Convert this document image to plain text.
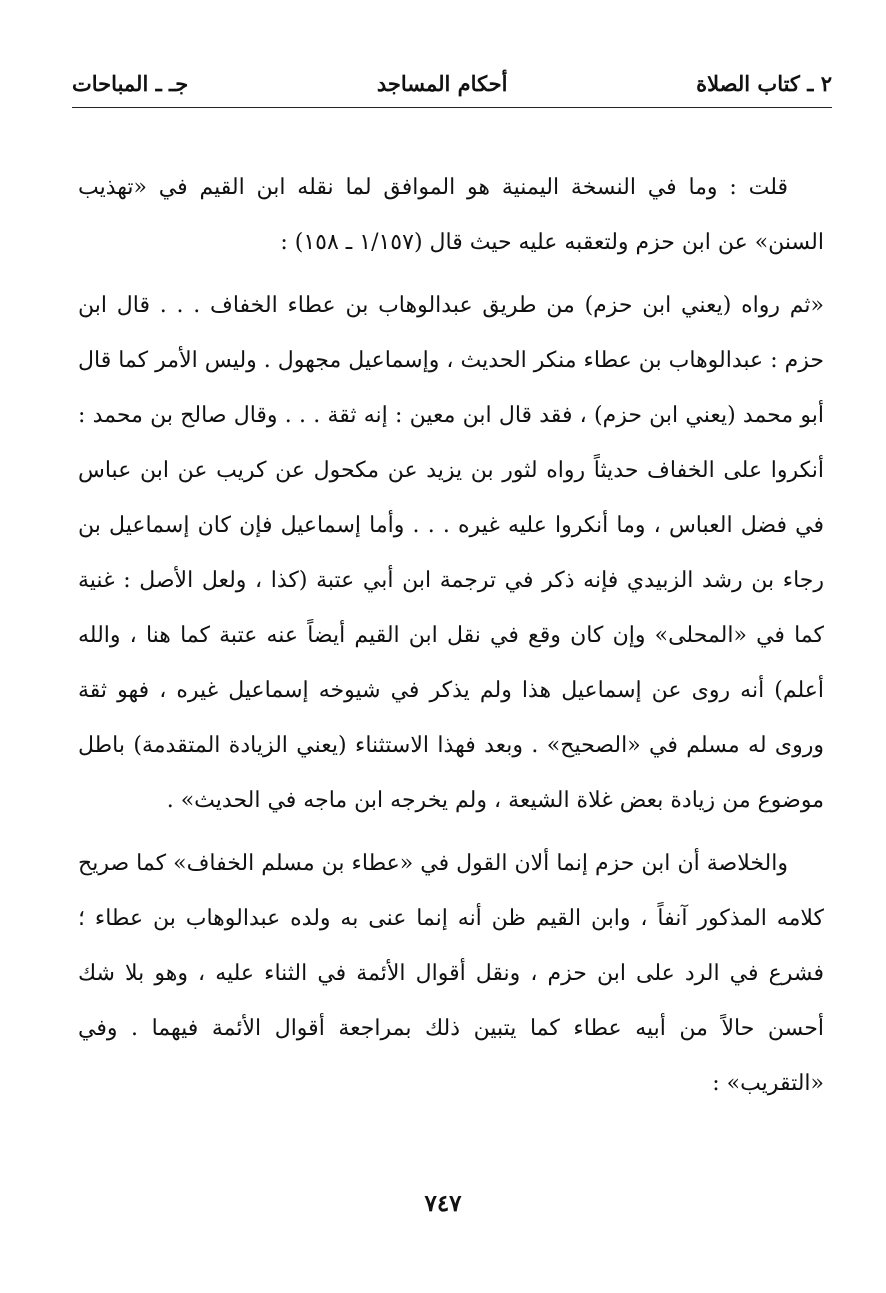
٢ ـ كتاب الصلاة
أحكام المساجد
جـ ـ المباحات

قلت : وما في النسخة اليمنية هو الموافق لما نقله ابن القيم في «تهذيب السنن» عن ابن حزم ولتعقبه عليه حيث قال (١/١٥٧ ـ ١٥٨) :

«ثم رواه (يعني ابن حزم) من طريق عبدالوهاب بن عطاء الخفاف . . . قال ابن حزم : عبدالوهاب بن عطاء منكر الحديث ، وإسماعيل مجهول . وليس الأمر كما قال أبو محمد (يعني ابن حزم) ، فقد قال ابن معين : إنه ثقة . . . وقال صالح بن محمد : أنكروا على الخفاف حديثاً رواه لثور بن يزيد عن مكحول عن كريب عن ابن عباس في فضل العباس ، وما أنكروا عليه غيره . . . وأما إسماعيل فإن كان إسماعيل بن رجاء بن رشد الزبيدي فإنه ذكر في ترجمة ابن أبي عتبة (كذا ، ولعل الأصل : غنية كما في «المحلى» وإن كان وقع في نقل ابن القيم أيضاً عنه عتبة كما هنا ، والله أعلم) أنه روى عن إسماعيل هذا ولم يذكر في شيوخه إسماعيل غيره ، فهو ثقة وروى له مسلم في «الصحيح» . وبعد فهذا الاستثناء (يعني الزيادة المتقدمة) باطل موضوع من زيادة بعض غلاة الشيعة ، ولم يخرجه ابن ماجه في الحديث» .

والخلاصة أن ابن حزم إنما ألان القول في «عطاء بن مسلم الخفاف» كما صريح كلامه المذكور آنفاً ، وابن القيم ظن أنه إنما عنى به ولده عبدالوهاب بن عطاء ؛ فشرع في الرد على ابن حزم ، ونقل أقوال الأئمة في الثناء عليه ، وهو بلا شك أحسن حالاً من أبيه عطاء كما يتبين ذلك بمراجعة أقوال الأئمة فيهما . وفي «التقريب» :

٧٤٧
